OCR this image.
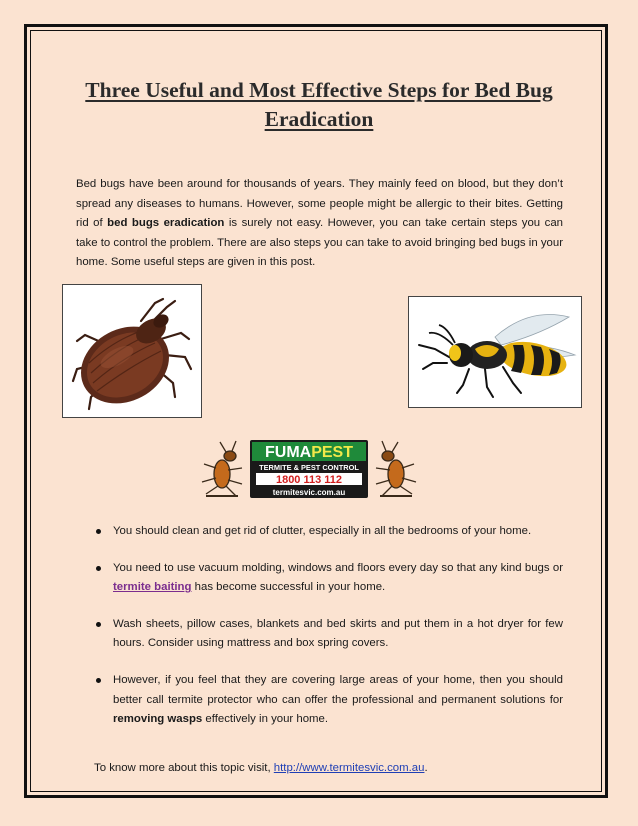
Three Useful and Most Effective Steps for Bed Bug Eradication

Bed bugs have been around for thousands of years. They mainly feed on blood, but they don’t spread any diseases to humans. However, some people might be allergic to their bites. Getting rid of bed bugs eradication is surely not easy. However, you can take certain steps you can take to control the problem. There are also steps you can take to avoid bringing bed bugs in your home. Some useful steps are given in this post.

FUMAPEST
TERMITE & PEST CONTROL
1800 113 112
termitesvic.com.au
You should clean and get rid of clutter, especially in all the bedrooms of your home.
You need to use vacuum molding, windows and floors every day so that any kind bugs or termite baiting has become successful in your home.
Wash sheets, pillow cases, blankets and bed skirts and put them in a hot dryer for few hours. Consider using mattress and box spring covers.
However, if you feel that they are covering large areas of your home, then you should better call termite protector who can offer the professional and permanent solutions for removing wasps effectively in your home.

To know more about this topic visit, http://www.termitesvic.com.au.
